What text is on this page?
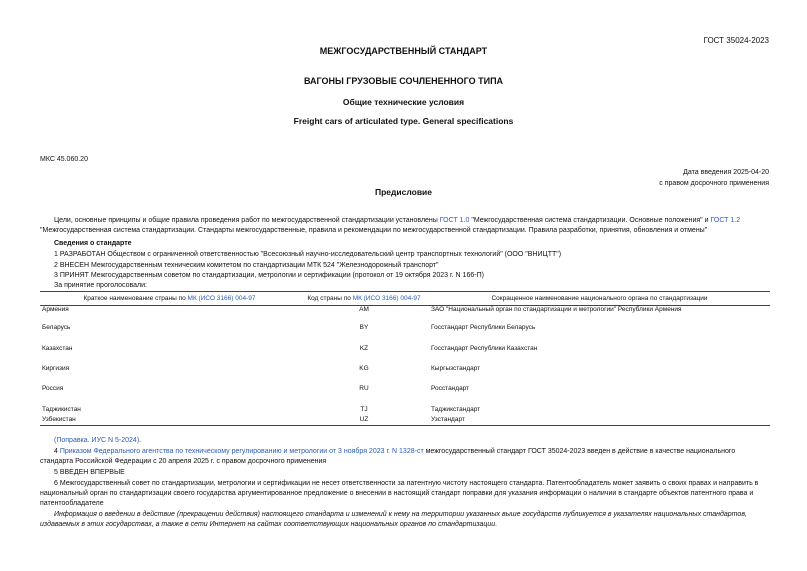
ГОСТ 35024-2023
МЕЖГОСУДАРСТВЕННЫЙ СТАНДАРТ
ВАГОНЫ ГРУЗОВЫЕ СОЧЛЕНЕННОГО ТИПА
Общие технические условия
Freight cars of articulated type. General specifications
МКС 45.060.20
Дата введения 2025-04-20
с правом досрочного применения
Предисловие
Цели, основные принципы и общие правила проведения работ по межгосударственной стандартизации установлены ГОСТ 1.0 "Межгосударственная система стандартизации. Основные положения" и ГОСТ 1.2 "Межгосударственная система стандартизации. Стандарты межгосударственные, правила и рекомендации по межгосударственной стандартизации. Правила разработки, принятия, обновления и отмены"
Сведения о стандарте
1 РАЗРАБОТАН Обществом с ограниченной ответственностью "Всесоюзный научно-исследовательский центр транспортных технологий" (ООО "ВНИЦТТ")
2 ВНЕСЕН Межгосударственным техническим комитетом по стандартизации МТК 524 "Железнодорожный транспорт"
3 ПРИНЯТ Межгосударственным советом по стандартизации, метрологии и сертификации (протокол от 19 октября 2023 г. N 166-П)
За принятие проголосовали:
Краткое наименование страны по МК (ИСО 3166) 004-97	Код страны по МК (ИСО 3166) 004-97	Сокращенное наименование национального органа по стандартизации
Армения	AM	ЗАО "Национальный орган по стандартизации и метрологии" Республики Армения
Беларусь	BY	Госстандарт Республики Беларусь
Казахстан	KZ	Госстандарт Республики Казахстан
Киргизия	KG	Кыргызстандарт
Россия	RU	Росстандарт
Таджикистан	TJ	Таджикстандарт
Узбекистан	UZ	Узстандарт
(Поправка. ИУС N 5-2024).
4 Приказом Федерального агентства по техническому регулированию и метрологии от 3 ноября 2023 г. N 1328-ст межгосударственный стандарт ГОСТ 35024-2023 введен в действие в качестве национального стандарта Российской Федерации с 20 апреля 2025 г. с правом досрочного применения
5 ВВЕДЕН ВПЕРВЫЕ
6 Межгосударственный совет по стандартизации, метрологии и сертификации не несет ответственности за патентную чистоту настоящего стандарта. Патентообладатель может заявить о своих правах и направить в национальный орган по стандартизации своего государства аргументированное предложение о внесении в настоящий стандарт поправки для указания информации о наличии в стандарте объектов патентного права и патентообладателе
Информация о введении в действие (прекращении действия) настоящего стандарта и изменений к нему на территории указанных выше государств публикуется в указателях национальных стандартов, издаваемых в этих государствах, а также в сети Интернет на сайтах соответствующих национальных органов по стандартизации.
